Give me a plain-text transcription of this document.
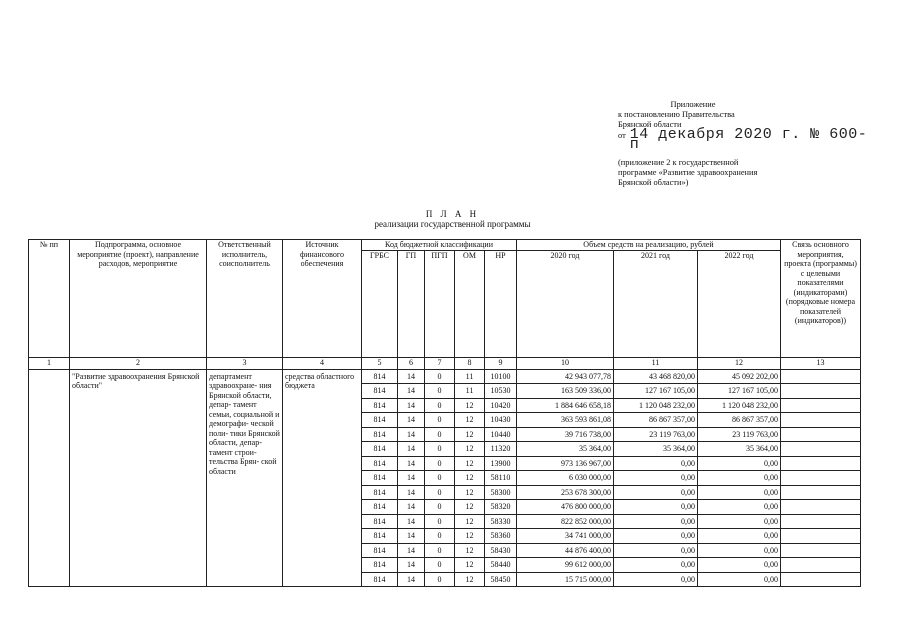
Приложение
к постановлению Правительства
Брянской области
от 14 декабря 2020 г. № 600-п
(приложение 2 к государственной
программе «Развитие здравоохранения
Брянской области»)
П Л А Н
реализации государственной программы
№ пп	Подпрограмма, основное мероприятие (проект), направление расходов, мероприятие	Ответственный исполнитель, соисполнитель	Источник финансового обеспечения	Код бюджетной классификации					Объем средств на реализацию, рублей			Связь основного мероприятия, проекта (программы) с целевыми показателями (индикаторами) (порядковые номера показателей (индикаторов))
				ГРБС	ГП	ПГП	ОМ	НР	2020 год	2021 год	2022 год	
1	2	3	4	5	6	7	8	9	10	11	12	13
	"Развитие здравоохранения Брянской области"	департамент здравоохране- ния Брянской области, депар- тамент семьи, социальной и демографи- ческой поли- тики Брянской области, депар- тамент строи- тельства Брян- ской области	средства областного бюджета	814	14	0	11	10100	42 943 077,78	43 468 820,00	45 092 202,00	
				814	14	0	11	10530	163 509 336,00	127 167 105,00	127 167 105,00	
				814	14	0	12	10420	1 884 646 658,18	1 120 048 232,00	1 120 048 232,00	
				814	14	0	12	10430	363 593 861,08	86 867 357,00	86 867 357,00	
				814	14	0	12	10440	39 716 738,00	23 119 763,00	23 119 763,00	
				814	14	0	12	11320	35 364,00	35 364,00	35 364,00	
				814	14	0	12	13900	973 136 967,00	0,00	0,00	
				814	14	0	12	58110	6 030 000,00	0,00	0,00	
				814	14	0	12	58300	253 678 300,00	0,00	0,00	
				814	14	0	12	58320	476 800 000,00	0,00	0,00	
				814	14	0	12	58330	822 852 000,00	0,00	0,00	
				814	14	0	12	58360	34 741 000,00	0,00	0,00	
				814	14	0	12	58430	44 876 400,00	0,00	0,00	
				814	14	0	12	58440	99 612 000,00	0,00	0,00	
				814	14	0	12	58450	15 715 000,00	0,00	0,00	
